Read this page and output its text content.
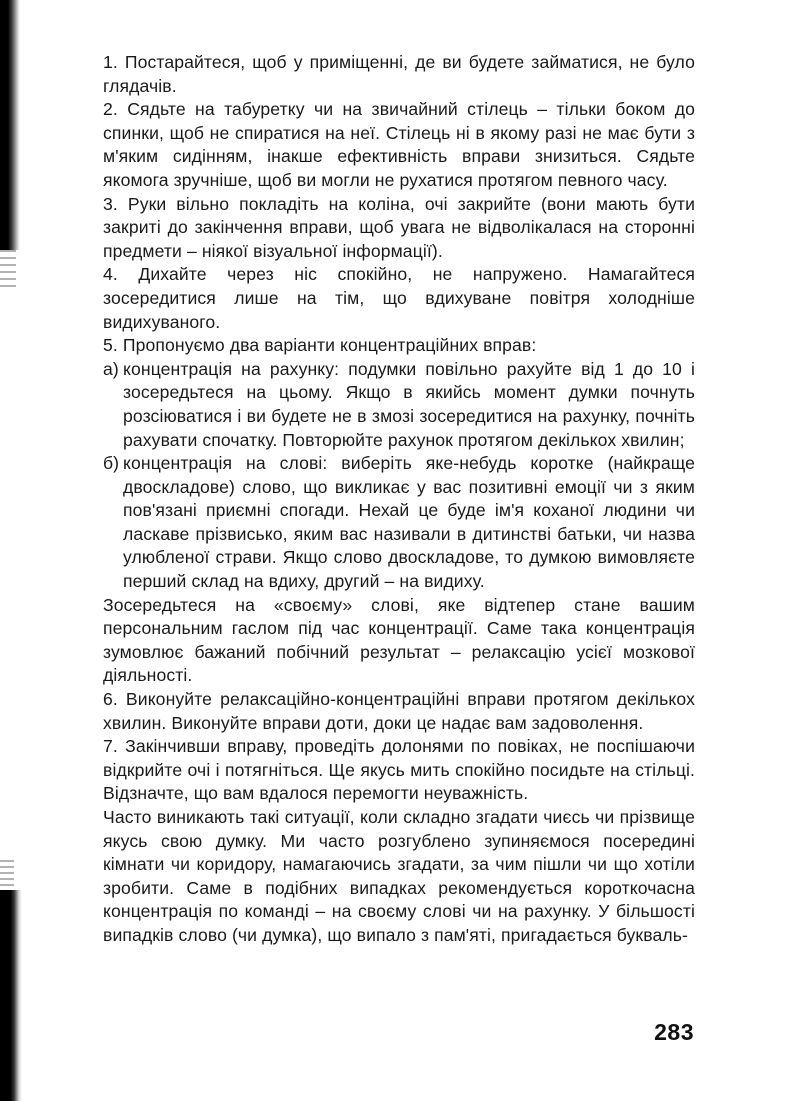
1. Постарайтеся, щоб у приміщенні, де ви будете займатися, не було глядачів.

2. Сядьте на табуретку чи на звичайний стілець – тільки боком до спинки, щоб не спиратися на неї. Стілець ні в якому разі не має бути з м'яким сидінням, інакше ефективність вправи знизиться. Сядьте якомога зручніше, щоб ви могли не рухатися протягом певного часу.

3. Руки вільно покладіть на коліна, очі закрийте (вони мають бути закриті до закінчення вправи, щоб увага не відволікалася на сторонні предмети – ніякої візуальної інформації).

4. Дихайте через ніс спокійно, не напружено. Намагайтеся зосередитися лише на тім, що вдихуване повітря холодніше видихуваного.

5. Пропонуємо два варіанти концентраційних вправ:

а) концентрація на рахунку: подумки повільно рахуйте від 1 до 10 і зосередьтеся на цьому. Якщо в якийсь момент думки почнуть розсіюватися і ви будете не в змозі зосередитися на рахунку, почніть рахувати спочатку. Повторюйте рахунок протягом декількох хвилин;
б) концентрація на слові: виберіть яке-небудь коротке (найкраще двоскладове) слово, що викликає у вас позитивні емоції чи з яким пов'язані приємні спогади. Нехай це буде ім'я коханої людини чи ласкаве прізвисько, яким вас називали в дитинстві батьки, чи назва улюбленої страви. Якщо слово двоскладове, то думкою вимовляєте перший склад на вдиху, другий – на видиху.

Зосередьтеся на «своєму» слові, яке відтепер стане вашим персональним гаслом під час концентрації. Саме така концентрація зумовлює бажаний побічний результат – релаксацію усієї мозкової діяльності.

6. Виконуйте релаксаційно-концентраційні вправи протягом декількох хвилин. Виконуйте вправи доти, доки це надає вам задоволення.

7. Закінчивши вправу, проведіть долонями по повіках, не поспішаючи відкрийте очі і потягніться. Ще якусь мить спокійно посидьте на стільці. Відзначте, що вам вдалося перемогти неуважність.

Часто виникають такі ситуації, коли складно згадати чиєсь чи прізвище якусь свою думку. Ми часто розгублено зупиняємося посередині кімнати чи коридору, намагаючись згадати, за чим пішли чи що хотіли зробити. Саме в подібних випадках рекомендується короткочасна концентрація по команді – на своєму слові чи на рахунку. У більшості випадків слово (чи думка), що випало з пам'яті, пригадається букваль-

283
